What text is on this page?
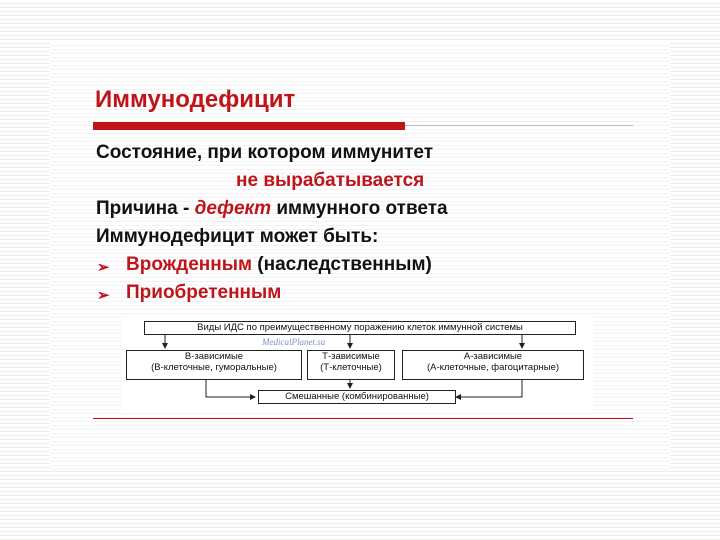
Иммунодефицит
Состояние, при котором иммунитет
не вырабатывается
Причина - дефект иммунного ответа
Иммунодефицит может быть:
➢ Врожденным (наследственным)
➢ Приобретенным
Виды ИДС по преимущественному поражению клеток иммунной системы
B-зависимые
(В-клеточные, гуморальные)
Т-зависимые
(Т-клеточные)
А-зависимые
(А-клеточные, фагоцитарные)
Смешанные (комбинированные)
MedicalPlanet.su
